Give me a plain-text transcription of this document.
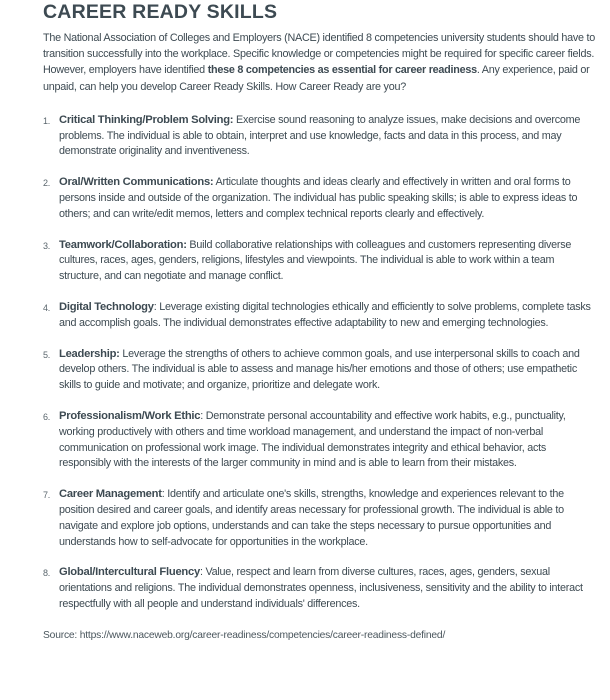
CAREER READY SKILLS

The National Association of Colleges and Employers (NACE) identified 8 competencies university students should have to transition successfully into the workplace. Specific knowledge or competencies might be required for specific career fields. However, employers have identified these 8 competencies as essential for career readiness. Any experience, paid or unpaid, can help you develop Career Ready Skills. How Career Ready are you?

1. Critical Thinking/Problem Solving: Exercise sound reasoning to analyze issues, make decisions and overcome problems. The individual is able to obtain, interpret and use knowledge, facts and data in this process, and may demonstrate originality and inventiveness.
2. Oral/Written Communications: Articulate thoughts and ideas clearly and effectively in written and oral forms to persons inside and outside of the organization. The individual has public speaking skills; is able to express ideas to others; and can write/edit memos, letters and complex technical reports clearly and effectively.
3. Teamwork/Collaboration: Build collaborative relationships with colleagues and customers representing diverse cultures, races, ages, genders, religions, lifestyles and viewpoints. The individual is able to work within a team structure, and can negotiate and manage conflict.
4. Digital Technology: Leverage existing digital technologies ethically and efficiently to solve problems, complete tasks and accomplish goals. The individual demonstrates effective adaptability to new and emerging technologies.
5. Leadership: Leverage the strengths of others to achieve common goals, and use interpersonal skills to coach and develop others. The individual is able to assess and manage his/her emotions and those of others; use empathetic skills to guide and motivate; and organize, prioritize and delegate work.
6. Professionalism/Work Ethic: Demonstrate personal accountability and effective work habits, e.g., punctuality, working productively with others and time workload management, and understand the impact of non-verbal communication on professional work image. The individual demonstrates integrity and ethical behavior, acts responsibly with the interests of the larger community in mind and is able to learn from their mistakes.
7. Career Management: Identify and articulate one's skills, strengths, knowledge and experiences relevant to the position desired and career goals, and identify areas necessary for professional growth. The individual is able to navigate and explore job options, understands and can take the steps necessary to pursue opportunities and understands how to self-advocate for opportunities in the workplace.
8. Global/Intercultural Fluency: Value, respect and learn from diverse cultures, races, ages, genders, sexual orientations and religions. The individual demonstrates openness, inclusiveness, sensitivity and the ability to interact respectfully with all people and understand individuals' differences.
Source: https://www.naceweb.org/career-readiness/competencies/career-readiness-defined/
